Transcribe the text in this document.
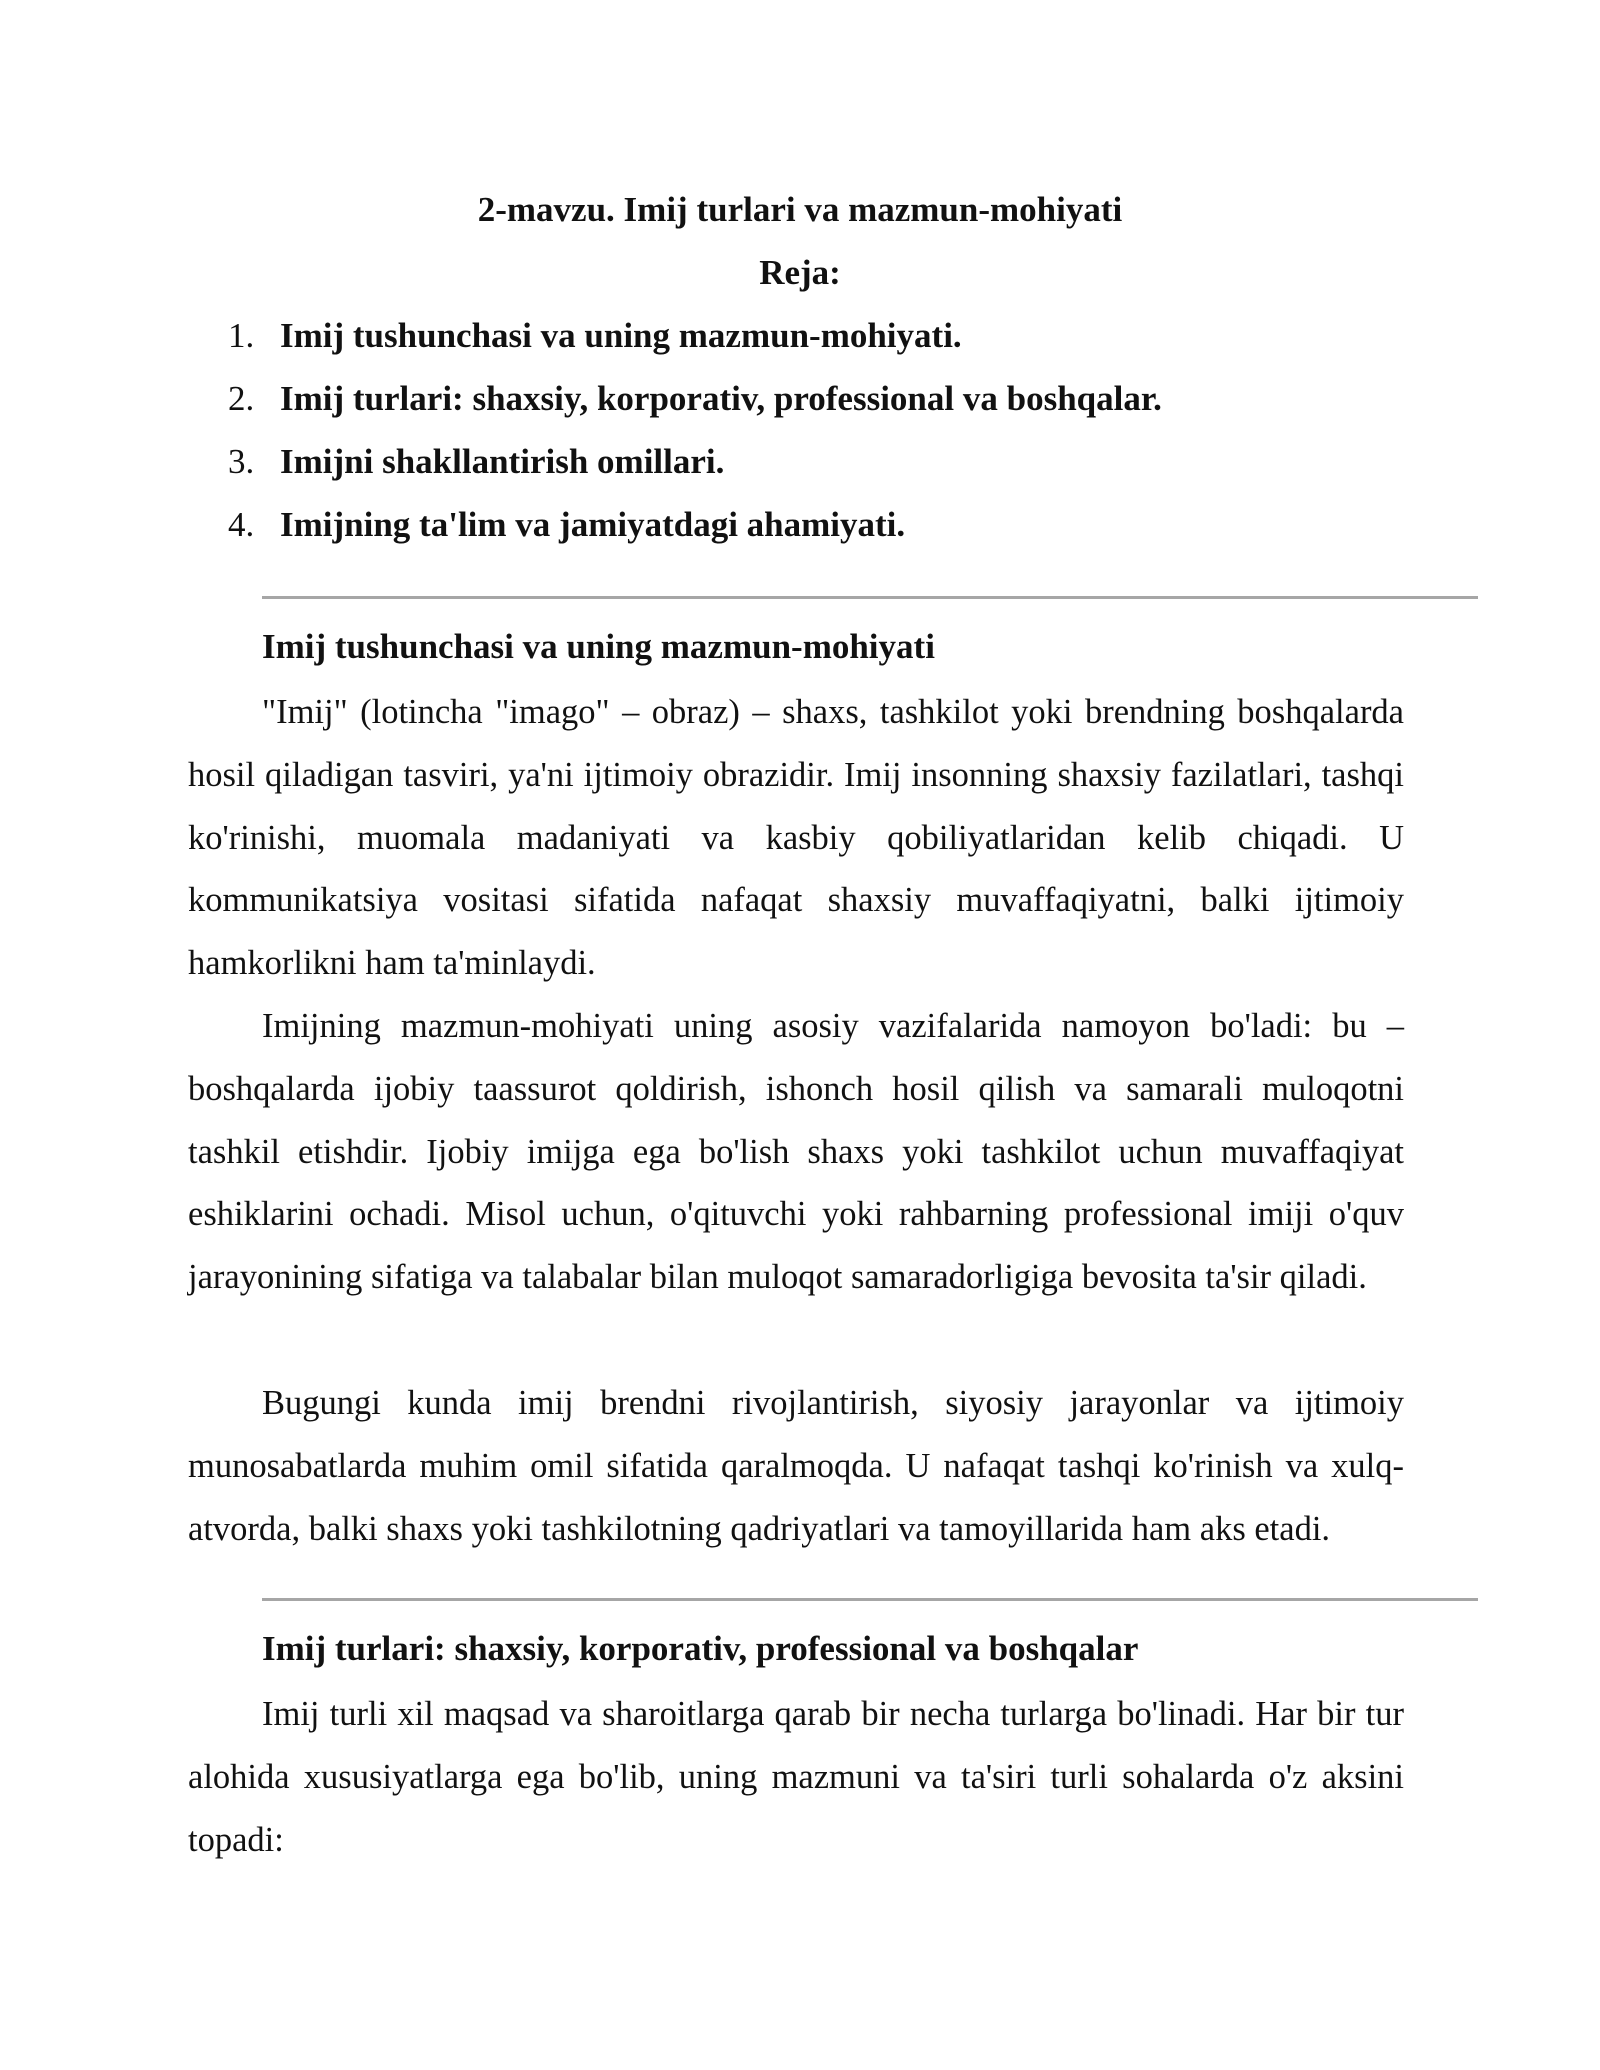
2-mavzu. Imij turlari va mazmun-mohiyati
Reja:
1. Imij tushunchasi va uning mazmun-mohiyati.
2. Imij turlari: shaxsiy, korporativ, professional va boshqalar.
3. Imijni shakllantirish omillari.
4. Imijning ta'lim va jamiyatdagi ahamiyati.
Imij tushunchasi va uning mazmun-mohiyati

"Imij" (lotincha "imago" – obraz) – shaxs, tashkilot yoki brendning boshqalarda hosil qiladigan tasviri, ya'ni ijtimoiy obrazidir. Imij insonning shaxsiy fazilatlari, tashqi ko'rinishi, muomala madaniyati va kasbiy qobiliyatlaridan kelib chiqadi. U kommunikatsiya vositasi sifatida nafaqat shaxsiy muvaffaqiyatni, balki ijtimoiy hamkorlikni ham ta'minlaydi.

Imijning mazmun-mohiyati uning asosiy vazifalarida namoyon bo'ladi: bu – boshqalarda ijobiy taassurot qoldirish, ishonch hosil qilish va samarali muloqotni tashkil etishdir. Ijobiy imijga ega bo'lish shaxs yoki tashkilot uchun muvaffaqiyat eshiklarini ochadi. Misol uchun, o'qituvchi yoki rahbarning professional imiji o'quv jarayonining sifatiga va talabalar bilan muloqot samaradorligiga bevosita ta'sir qiladi.

Bugungi kunda imij brendni rivojlantirish, siyosiy jarayonlar va ijtimoiy munosabatlarda muhim omil sifatida qaralmoqda. U nafaqat tashqi ko'rinish va xulq-atvorda, balki shaxs yoki tashkilotning qadriyatlari va tamoyillarida ham aks etadi.

Imij turlari: shaxsiy, korporativ, professional va boshqalar

Imij turli xil maqsad va sharoitlarga qarab bir necha turlarga bo'linadi. Har bir tur alohida xususiyatlarga ega bo'lib, uning mazmuni va ta'siri turli sohalarda o'z aksini topadi:
